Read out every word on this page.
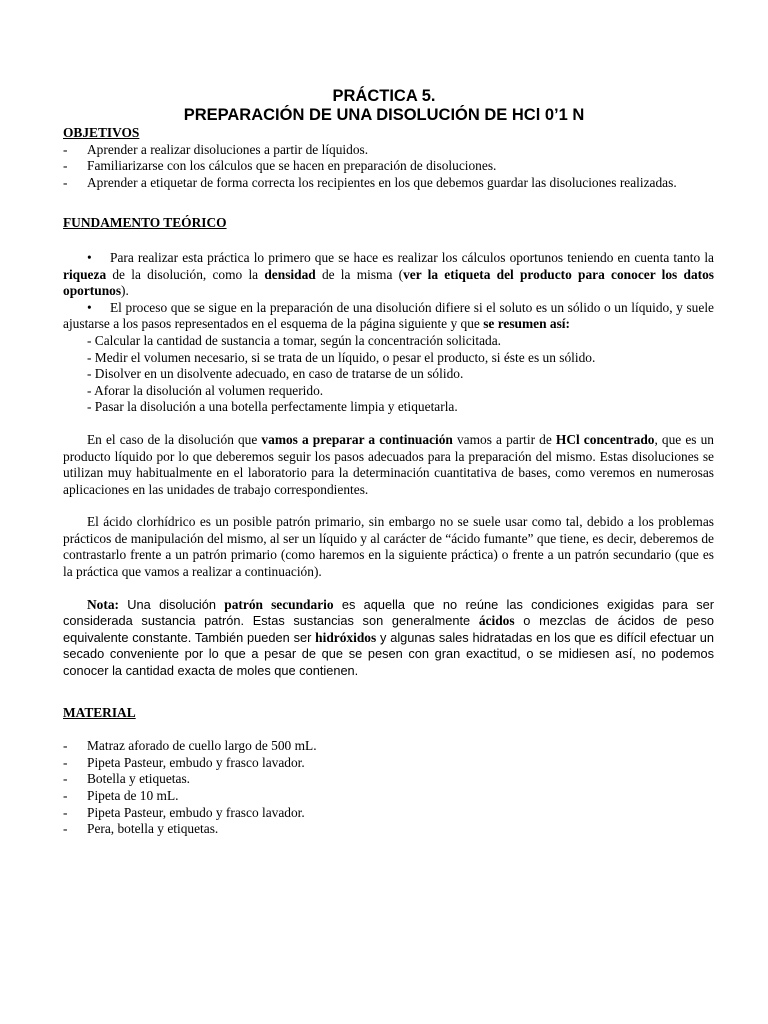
PRÁCTICA 5.
PREPARACIÓN DE UNA DISOLUCIÓN DE HCl 0’1 N

OBJETIVOS

- Aprender a realizar disoluciones a partir de líquidos.

- Familiarizarse con los cálculos que se hacen en preparación de disoluciones.

- Aprender a etiquetar de forma correcta los recipientes en los que debemos guardar las disoluciones realizadas.

FUNDAMENTO TEÓRICO

• Para realizar esta práctica lo primero que se hace es realizar los cálculos oportunos teniendo en cuenta tanto la riqueza de la disolución, como la densidad de la misma (ver la etiqueta del producto para conocer los datos oportunos).

• El proceso que se sigue en la preparación de una disolución difiere si el soluto es un sólido o un líquido, y suele ajustarse a los pasos representados en el esquema de la página siguiente y que se resumen así:

- Calcular la cantidad de sustancia a tomar, según la concentración solicitada.

- Medir el volumen necesario, si se trata de un líquido, o pesar el producto, si éste es un sólido.

- Disolver en un disolvente adecuado, en caso de tratarse de un sólido.

- Aforar la disolución al volumen requerido.

- Pasar la disolución a una botella perfectamente limpia y etiquetarla.

En el caso de la disolución que vamos a preparar a continuación vamos a partir de HCl concentrado, que es un producto líquido por lo que deberemos seguir los pasos adecuados para la preparación del mismo. Estas disoluciones se utilizan muy habitualmente en el laboratorio para la determinación cuantitativa de bases, como veremos en numerosas aplicaciones en las unidades de trabajo correspondientes.

El ácido clorhídrico es un posible patrón primario, sin embargo no se suele usar como tal, debido a los problemas prácticos de manipulación del mismo, al ser un líquido y al carácter de “ácido fumante” que tiene, es decir, deberemos de contrastarlo frente a un patrón primario (como haremos en la siguiente práctica) o frente a un patrón secundario (que es la práctica que vamos a realizar a continuación).

Nota: Una disolución patrón secundario es aquella que no reúne las condiciones exigidas para ser considerada sustancia patrón. Estas sustancias son generalmente ácidos o mezclas de ácidos de peso equivalente constante. También pueden ser hidróxidos y algunas sales hidratadas en los que es difícil efectuar un secado conveniente por lo que a pesar de que se pesen con gran exactitud, o se midiesen así, no podemos conocer la cantidad exacta de moles que contienen.

MATERIAL

-	Matraz aforado de cuello largo de 500 mL.
-	Pipeta Pasteur, embudo y frasco lavador.
-	Botella y etiquetas.
-	Pipeta de 10 mL.
-	Pipeta Pasteur, embudo y frasco lavador.
-	Pera, botella y etiquetas.
